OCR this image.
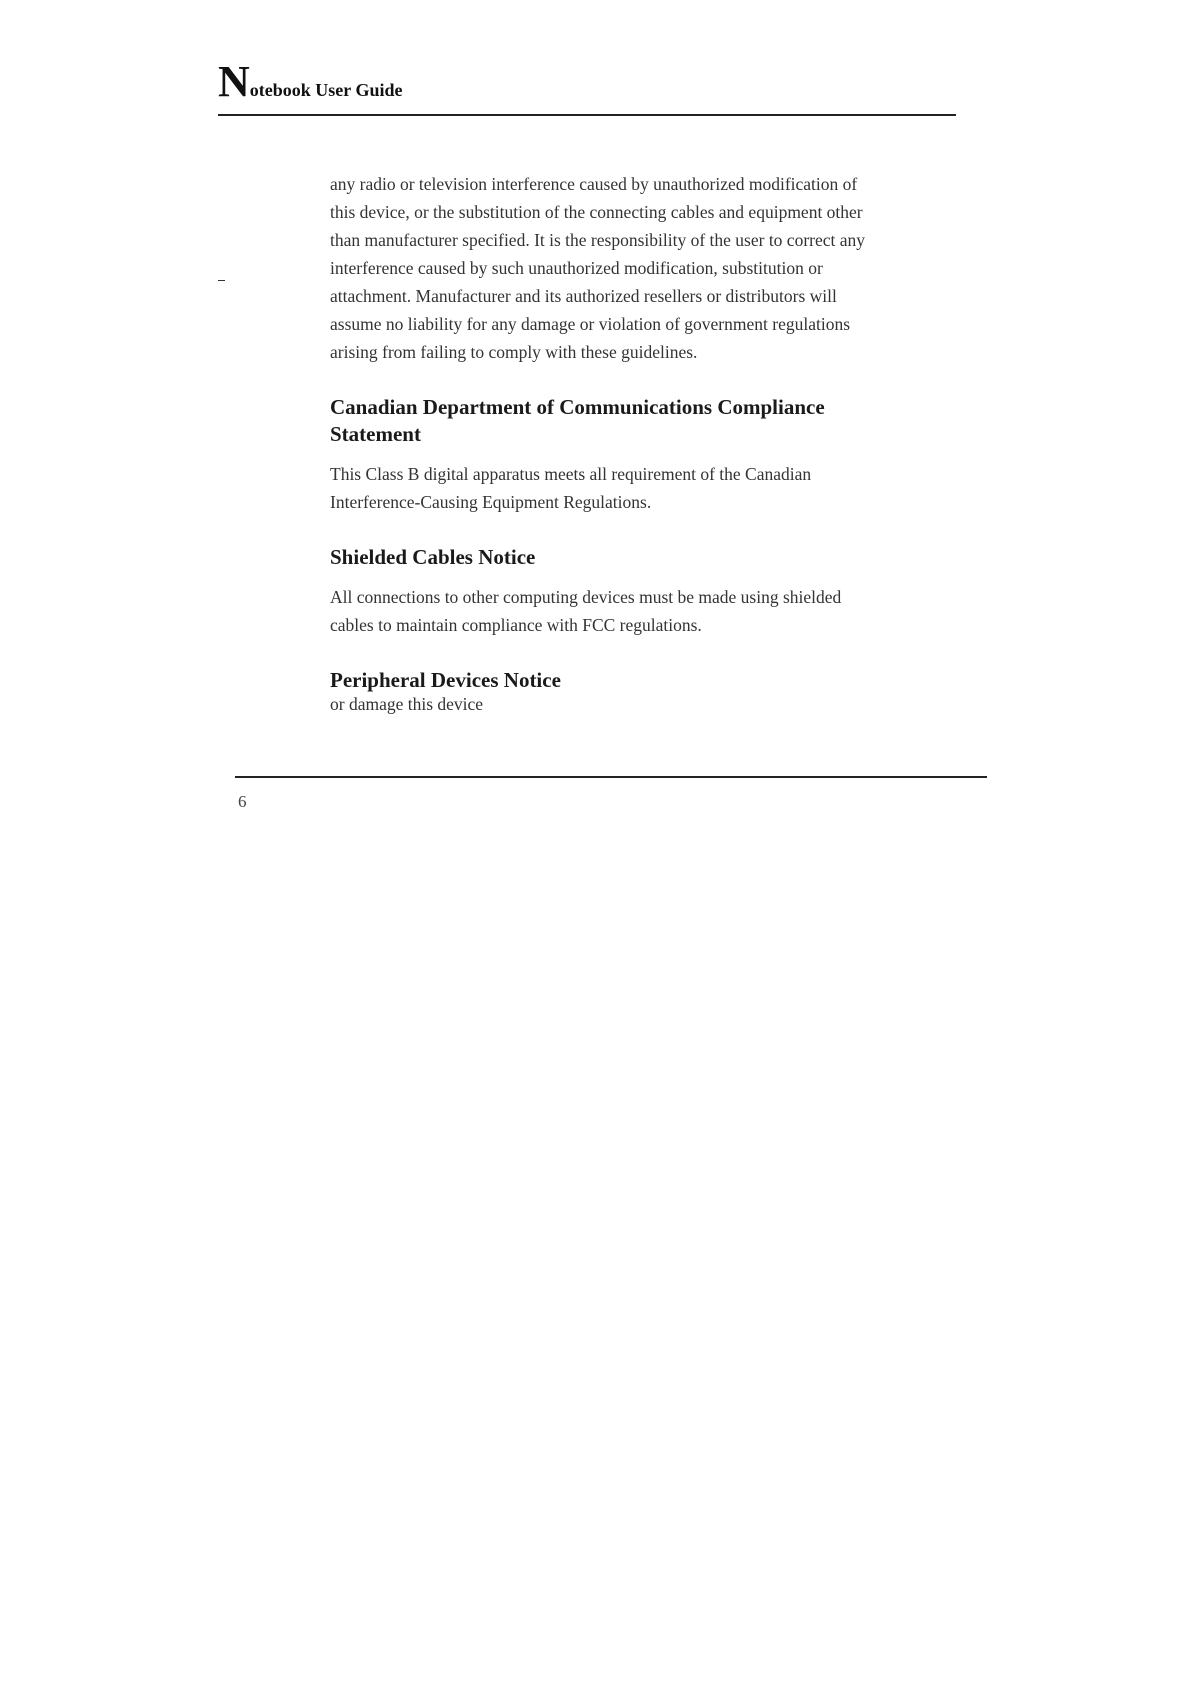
Notebook User Guide
any radio or television interference caused by unauthorized modification of
this device, or the substitution of the connecting cables and equipment other
than manufacturer specified. It is the responsibility of the user to correct any
interference caused by such unauthorized modification, substitution or
attachment. Manufacturer and its authorized resellers or distributors will
assume no liability for any damage or violation of government regulations
arising from failing to comply with these guidelines.
Canadian Department of Communications Compliance
Statement
This Class B digital apparatus meets all requirement of the Canadian
Interference-Causing Equipment Regulations.
Shielded Cables Notice
All connections to other computing devices must be made using shielded
cables to maintain compliance with FCC regulations.
Peripheral Devices Notice
or damage this device
6
